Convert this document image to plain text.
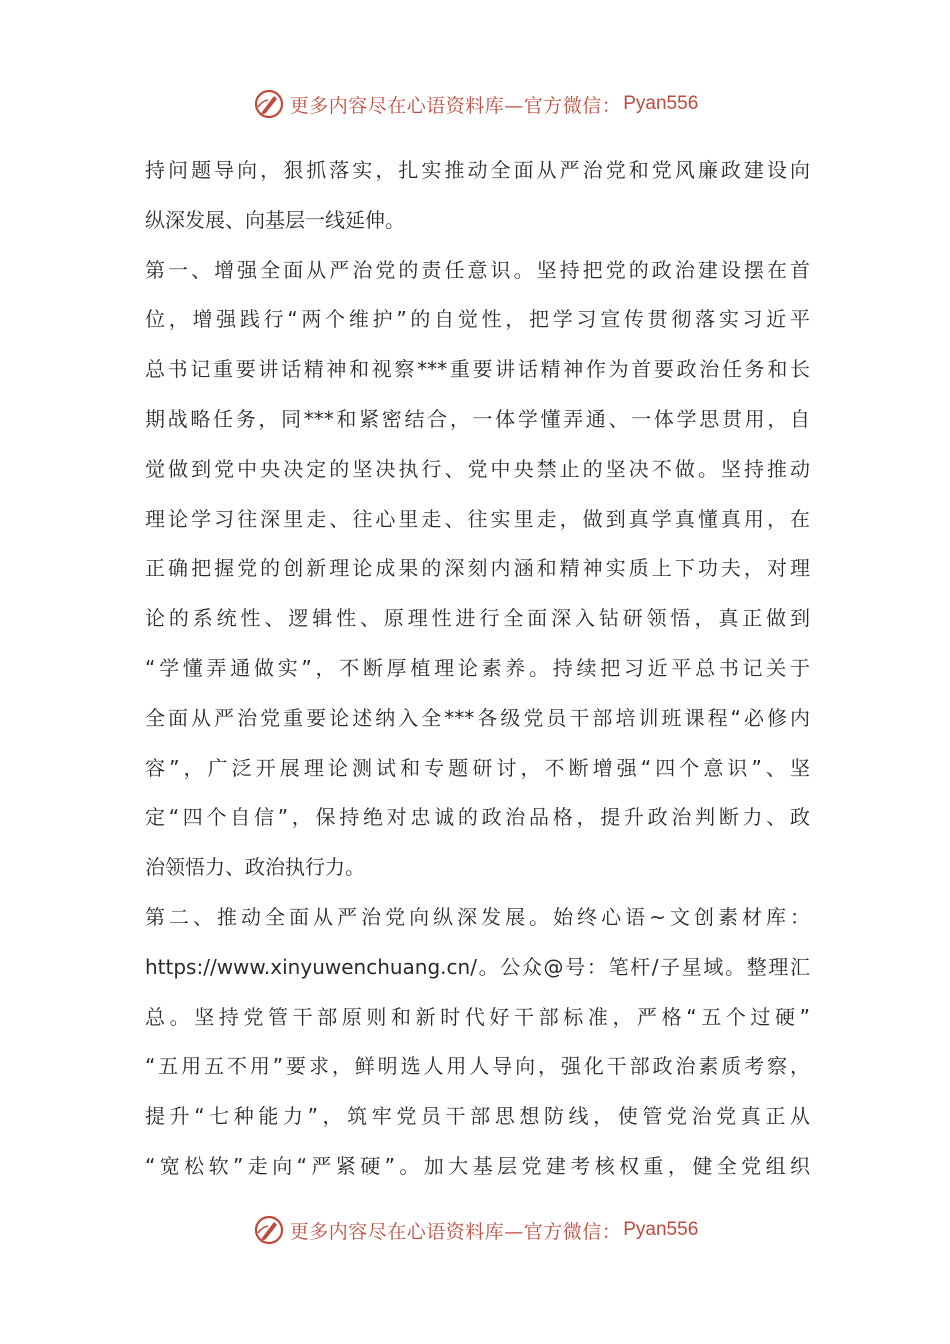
更多内容尽在心语资料库—官方微信： Pyan556
持问题导向，狠抓落实，扎实推动全面从严治党和党风廉政建设向
纵深发展、向基层一线延伸。
第一、增强全面从严治党的责任意识。坚持把党的政治建设摆在首
位，增强践行“两个维护”的自觉性，把学习宣传贯彻落实习近平
总书记重要讲话精神和视察***重要讲话精神作为首要政治任务和长
期战略任务，同***和紧密结合，一体学懂弄通、一体学思贯用，自
觉做到党中央决定的坚决执行、党中央禁止的坚决不做。坚持推动
理论学习往深里走、往心里走、往实里走，做到真学真懂真用，在
正确把握党的创新理论成果的深刻内涵和精神实质上下功夫，对理
论的系统性、逻辑性、原理性进行全面深入钻研领悟，真正做到
“学懂弄通做实”，不断厚植理论素养。持续把习近平总书记关于
全面从严治党重要论述纳入全***各级党员干部培训班课程“必修内
容”，广泛开展理论测试和专题研讨，不断增强“四个意识”、坚
定“四个自信”，保持绝对忠诚的政治品格，提升政治判断力、政
治领悟力、政治执行力。
第二、推动全面从严治党向纵深发展。始终心语~文创素材库：
https://www.xinyuwenchuang.cn/。公众@号：笔杆/子星域。整理汇
总。坚持党管干部原则和新时代好干部标准，严格“五个过硬”
“五用五不用”要求，鲜明选人用人导向，强化干部政治素质考察，
提升“七种能力”，筑牢党员干部思想防线，使管党治党真正从
“宽松软”走向“严紧硬”。加大基层党建考核权重，健全党组织
更多内容尽在心语资料库—官方微信： Pyan556
